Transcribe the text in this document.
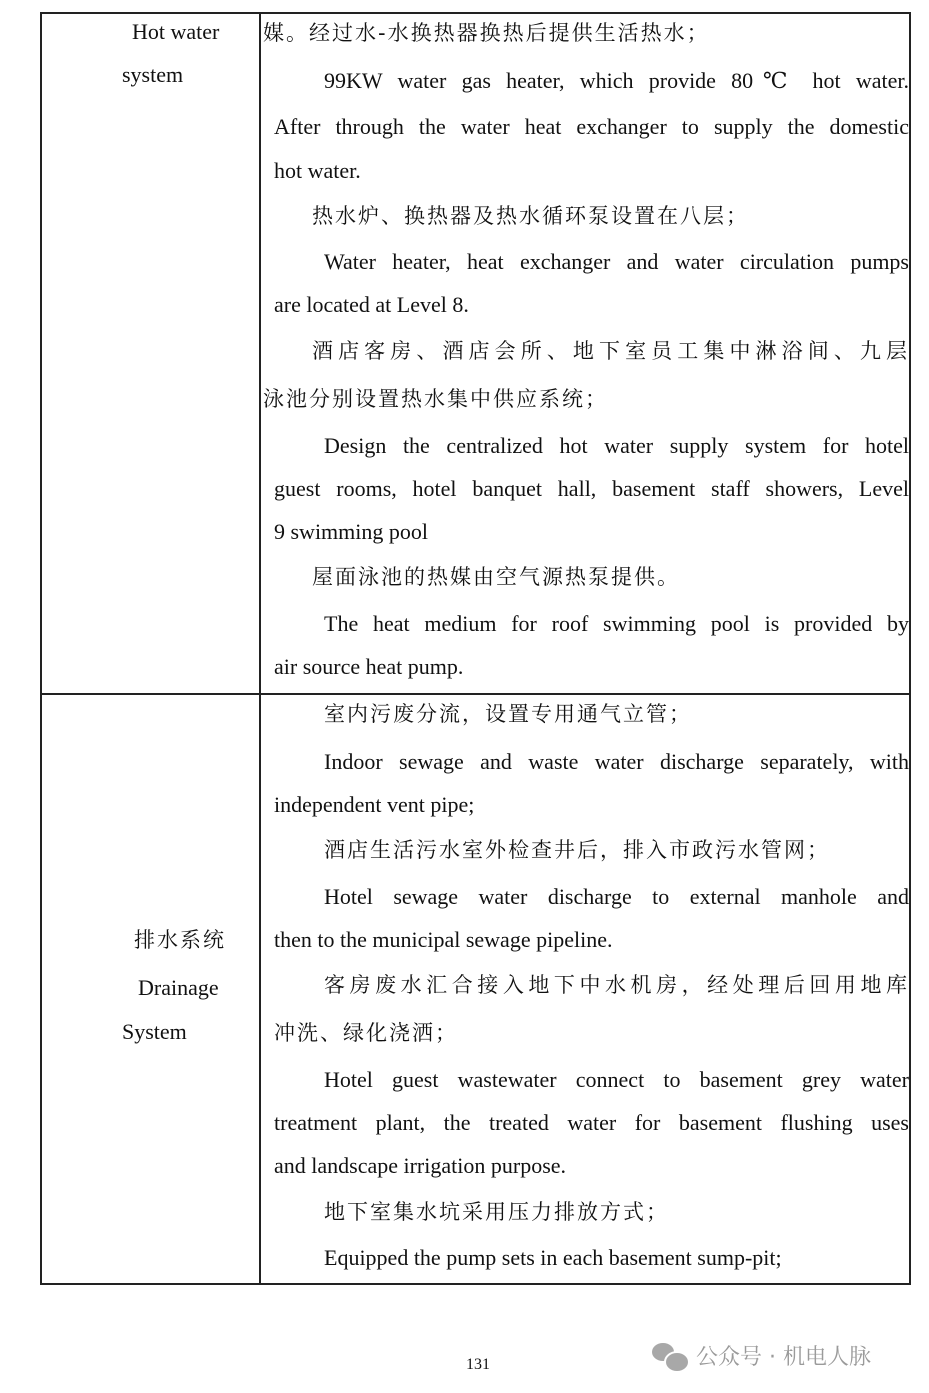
Hot water
system
媒。经过水-水换热器换热后提供生活热水；
99KW water gas heater, which provide 80℃ hot water.
After through the water heat exchanger to supply the domestic
hot water.
热水炉、换热器及热水循环泵设置在八层；
Water heater, heat exchanger and water circulation pumps
are located at Level 8.
酒店客房、酒店会所、地下室员工集中淋浴间、九层
泳池分别设置热水集中供应系统；
Design the centralized hot water supply system for hotel
guest rooms, hotel banquet hall, basement staff showers, Level
9 swimming pool
屋面泳池的热媒由空气源热泵提供。
The heat medium for roof swimming pool is provided by
air source heat pump.
排水系统
Drainage
System
室内污废分流，设置专用通气立管；
Indoor sewage and waste water discharge separately, with
independent vent pipe;
酒店生活污水室外检查井后，排入市政污水管网；
Hotel sewage water discharge to external manhole and
then to the municipal sewage pipeline.
客房废水汇合接入地下中水机房，经处理后回用地库
冲洗、绿化浇洒；
Hotel guest wastewater connect to basement grey water
treatment plant, the treated water for basement flushing uses
and landscape irrigation purpose.
地下室集水坑采用压力排放方式；
Equipped the pump sets in each basement sump-pit;
131	公众号 · 机电人脉
